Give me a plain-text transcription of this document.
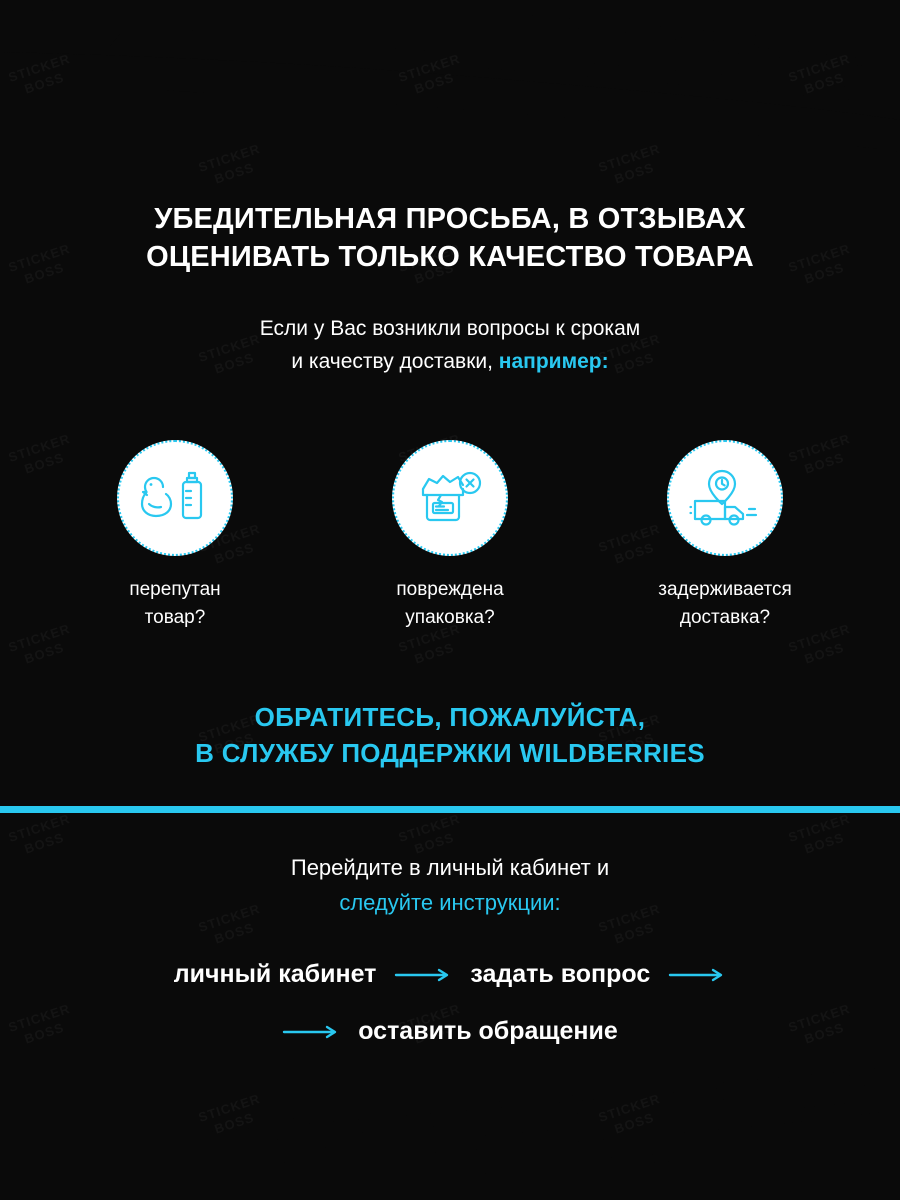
УБЕДИТЕЛЬНАЯ ПРОСЬБА, В ОТЗЫВАХ
ОЦЕНИВАТЬ ТОЛЬКО КАЧЕСТВО ТОВАРА
Если у Вас возникли вопросы к срокам
и качеству доставки, например:
перепутан
товар?
повреждена
упаковка?
задерживается
доставка?
ОБРАТИТЕСЬ, ПОЖАЛУЙСТА,
В СЛУЖБУ ПОДДЕРЖКИ WILDBERRIES
Перейдите в личный кабинет и
следуйте инструкции:
личный кабинет	задать вопрос
оставить обращение
